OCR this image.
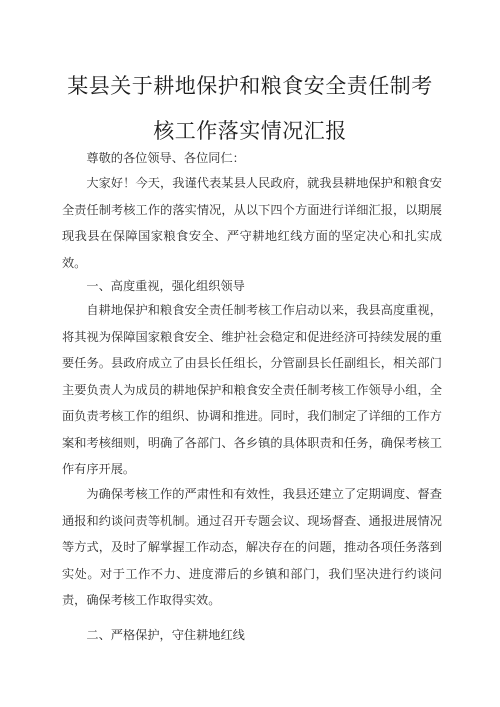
某县关于耕地保护和粮食安全责任制考
核工作落实情况汇报

尊敬的各位领导、各位同仁：

大家好！今天，我谨代表某县人民政府，就我县耕地保护和粮食安全责任制考核工作的落实情况，从以下四个方面进行详细汇报，以期展现我县在保障国家粮食安全、严守耕地红线方面的坚定决心和扎实成效。

一、高度重视，强化组织领导

自耕地保护和粮食安全责任制考核工作启动以来，我县高度重视，将其视为保障国家粮食安全、维护社会稳定和促进经济可持续发展的重要任务。县政府成立了由县长任组长，分管副县长任副组长，相关部门主要负责人为成员的耕地保护和粮食安全责任制考核工作领导小组，全面负责考核工作的组织、协调和推进。同时，我们制定了详细的工作方案和考核细则，明确了各部门、各乡镇的具体职责和任务，确保考核工作有序开展。

为确保考核工作的严肃性和有效性，我县还建立了定期调度、督查通报和约谈问责等机制。通过召开专题会议、现场督查、通报进展情况等方式，及时了解掌握工作动态，解决存在的问题，推动各项任务落到实处。对于工作不力、进度滞后的乡镇和部门，我们坚决进行约谈问责，确保考核工作取得实效。

二、严格保护，守住耕地红线
